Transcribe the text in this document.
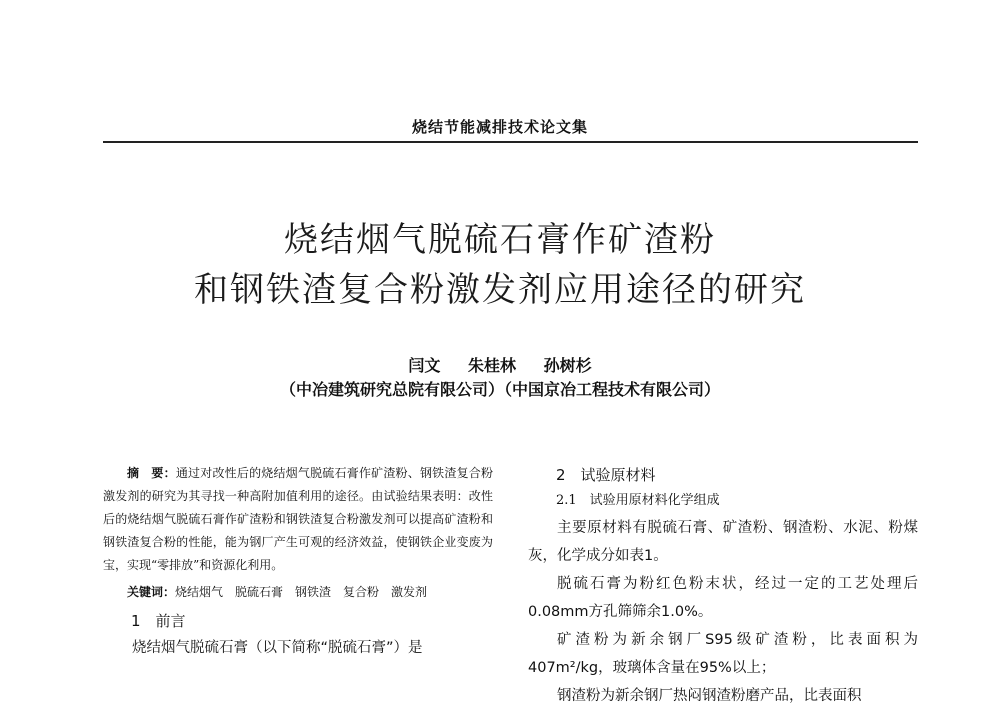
烧结节能减排技术论文集
烧结烟气脱硫石膏作矿渣粉
和钢铁渣复合粉激发剂应用途径的研究
闫文 朱桂林 孙树杉
（中冶建筑研究总院有限公司）（中国京冶工程技术有限公司）

摘　要：通过对改性后的烧结烟气脱硫石膏作矿渣粉、钢铁渣复合粉激发剂的研究为其寻找一种高附加值利用的途径。由试验结果表明：改性后的烧结烟气脱硫石膏作矿渣粉和钢铁渣复合粉激发剂可以提高矿渣粉和钢铁渣复合粉的性能，能为钢厂产生可观的经济效益，使钢铁企业变废为宝，实现“零排放”和资源化利用。

关键词：烧结烟气　脱硫石膏　钢铁渣　复合粉　激发剂

1　前言

烧结烟气脱硫石膏（以下简称“脱硫石膏”）是

2　试验原材料
2.1　试验用原材料化学组成

主要原材料有脱硫石膏、矿渣粉、钢渣粉、水泥、粉煤灰，化学成分如表1。

脱硫石膏为粉红色粉末状，经过一定的工艺处理后0.08mm方孔筛筛余1.0%。

矿渣粉为新余钢厂S95级矿渣粉，比表面积为407m²/kg，玻璃体含量在95%以上；

钢渣粉为新余钢厂热闷钢渣粉磨产品，比表面积
